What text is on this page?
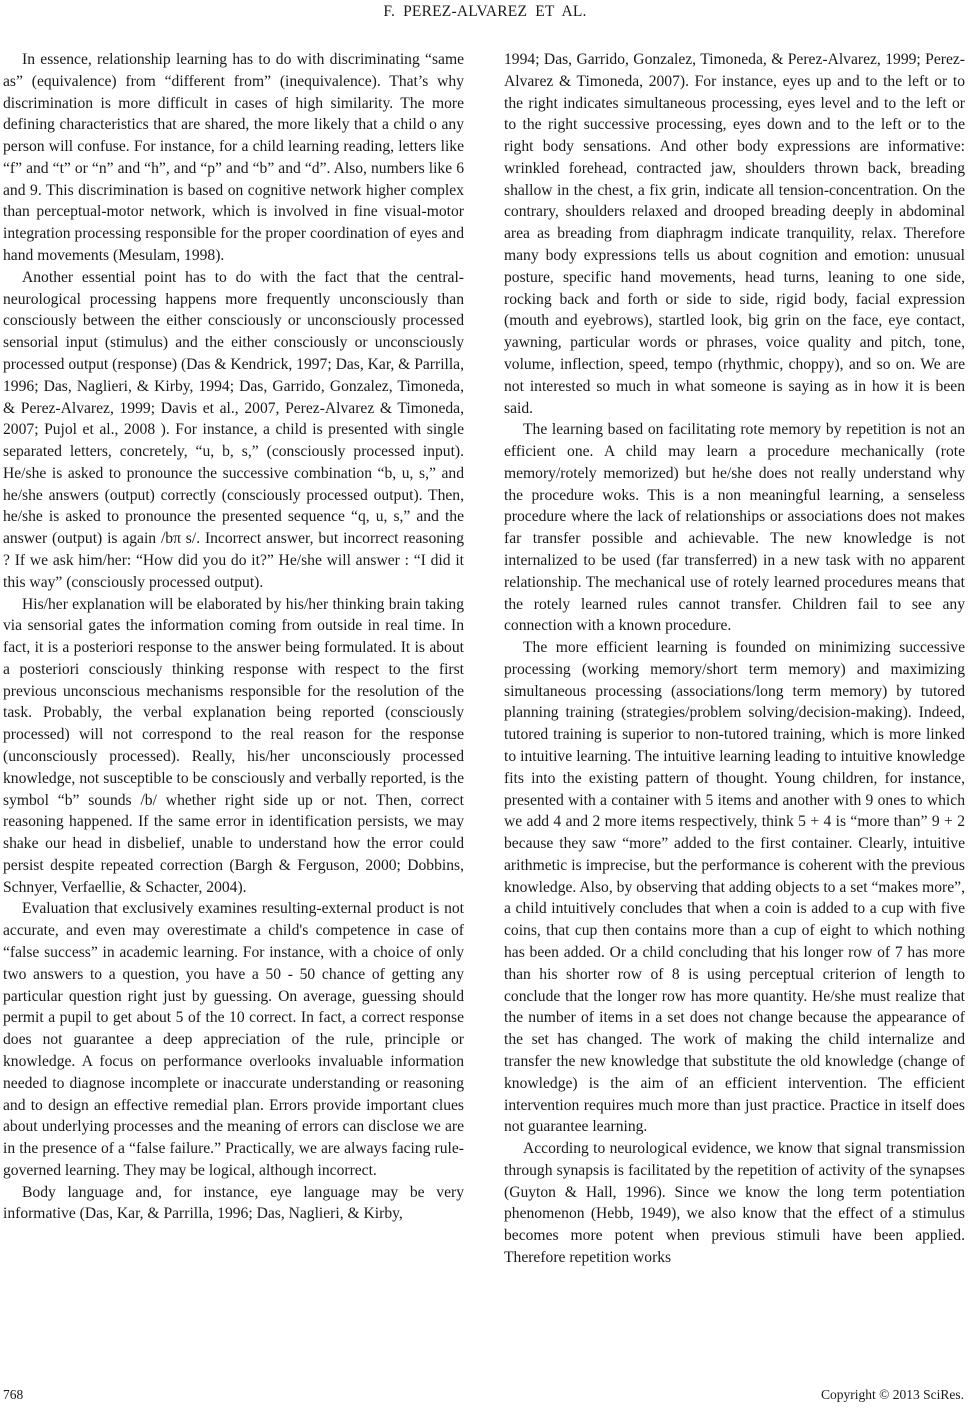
F. PEREZ-ALVAREZ ET AL.

In essence, relationship learning has to do with discriminating “same as” (equivalence) from “different from” (inequivalence). That’s why discrimination is more difficult in cases of high similarity. The more defining characteristics that are shared, the more likely that a child o any person will confuse. For instance, for a child learning reading, letters like “f” and “t” or “n” and “h”, and “p” and “b” and “d”. Also, numbers like 6 and 9. This discrimination is based on cognitive network higher complex than perceptual-motor network, which is involved in fine visual-motor integration processing responsible for the proper coordination of eyes and hand movements (Mesulam, 1998).

Another essential point has to do with the fact that the central-neurological processing happens more frequently unconsciously than consciously between the either consciously or unconsciously processed sensorial input (stimulus) and the either consciously or unconsciously processed output (response) (Das & Kendrick, 1997; Das, Kar, & Parrilla, 1996; Das, Naglieri, & Kirby, 1994; Das, Garrido, Gonzalez, Timoneda, & Perez-Alvarez, 1999; Davis et al., 2007, Perez-Alvarez & Timoneda, 2007; Pujol et al., 2008 ). For instance, a child is presented with single separated letters, concretely, “u, b, s,” (consciously processed input). He/she is asked to pronounce the successive combination “b, u, s,” and he/she answers (output) correctly (consciously processed output). Then, he/she is asked to pronounce the presented sequence “q, u, s,” and the answer (output) is again /bπ s/. Incorrect answer, but incorrect reasoning ? If we ask him/her: “How did you do it?” He/she will answer : “I did it this way” (consciously processed output).

His/her explanation will be elaborated by his/her thinking brain taking via sensorial gates the information coming from outside in real time. In fact, it is a posteriori response to the answer being formulated. It is about a posteriori consciously thinking response with respect to the first previous unconscious mechanisms responsible for the resolution of the task. Probably, the verbal explanation being reported (consciously processed) will not correspond to the real reason for the response (unconsciously processed). Really, his/her unconsciously processed knowledge, not susceptible to be consciously and verbally reported, is the symbol “b” sounds /b/ whether right side up or not. Then, correct reasoning happened. If the same error in identification persists, we may shake our head in disbelief, unable to understand how the error could persist despite repeated correction (Bargh & Ferguson, 2000; Dobbins, Schnyer, Verfaellie, & Schacter, 2004).

Evaluation that exclusively examines resulting-external product is not accurate, and even may overestimate a child's competence in case of “false success” in academic learning. For instance, with a choice of only two answers to a question, you have a 50 - 50 chance of getting any particular question right just by guessing. On average, guessing should permit a pupil to get about 5 of the 10 correct. In fact, a correct response does not guarantee a deep appreciation of the rule, principle or knowledge. A focus on performance overlooks invaluable information needed to diagnose incomplete or inaccurate understanding or reasoning and to design an effective remedial plan. Errors provide important clues about underlying processes and the meaning of errors can disclose we are in the presence of a “false failure.” Practically, we are always facing rule-governed learning. They may be logical, although incorrect.

Body language and, for instance, eye language may be very informative (Das, Kar, & Parrilla, 1996; Das, Naglieri, & Kirby,

1994; Das, Garrido, Gonzalez, Timoneda, & Perez-Alvarez, 1999; Perez-Alvarez & Timoneda, 2007). For instance, eyes up and to the left or to the right indicates simultaneous processing, eyes level and to the left or to the right successive processing, eyes down and to the left or to the right body sensations. And other body expressions are informative: wrinkled forehead, contracted jaw, shoulders thrown back, breading shallow in the chest, a fix grin, indicate all tension-concentration. On the contrary, shoulders relaxed and drooped breading deeply in abdominal area as breading from diaphragm indicate tranquility, relax. Therefore many body expressions tells us about cognition and emotion: unusual posture, specific hand movements, head turns, leaning to one side, rocking back and forth or side to side, rigid body, facial expression (mouth and eyebrows), startled look, big grin on the face, eye contact, yawning, particular words or phrases, voice quality and pitch, tone, volume, inflection, speed, tempo (rhythmic, choppy), and so on. We are not interested so much in what someone is saying as in how it is been said.

The learning based on facilitating rote memory by repetition is not an efficient one. A child may learn a procedure mechanically (rote memory/rotely memorized) but he/she does not really understand why the procedure woks. This is a non meaningful learning, a senseless procedure where the lack of relationships or associations does not makes far transfer possible and achievable. The new knowledge is not internalized to be used (far transferred) in a new task with no apparent relationship. The mechanical use of rotely learned procedures means that the rotely learned rules cannot transfer. Children fail to see any connection with a known procedure.

The more efficient learning is founded on minimizing successive processing (working memory/short term memory) and maximizing simultaneous processing (associations/long term memory) by tutored planning training (strategies/problem solving/decision-making). Indeed, tutored training is superior to non-tutored training, which is more linked to intuitive learning. The intuitive learning leading to intuitive knowledge fits into the existing pattern of thought. Young children, for instance, presented with a container with 5 items and another with 9 ones to which we add 4 and 2 more items respectively, think 5 + 4 is “more than” 9 + 2 because they saw “more” added to the first container. Clearly, intuitive arithmetic is imprecise, but the performance is coherent with the previous knowledge. Also, by observing that adding objects to a set “makes more”, a child intuitively concludes that when a coin is added to a cup with five coins, that cup then contains more than a cup of eight to which nothing has been added. Or a child concluding that his longer row of 7 has more than his shorter row of 8 is using perceptual criterion of length to conclude that the longer row has more quantity. He/she must realize that the number of items in a set does not change because the appearance of the set has changed. The work of making the child internalize and transfer the new knowledge that substitute the old knowledge (change of knowledge) is the aim of an efficient intervention. The efficient intervention requires much more than just practice. Practice in itself does not guarantee learning.

According to neurological evidence, we know that signal transmission through synapsis is facilitated by the repetition of activity of the synapses (Guyton & Hall, 1996). Since we know the long term potentiation phenomenon (Hebb, 1949), we also know that the effect of a stimulus becomes more potent when previous stimuli have been applied. Therefore repetition works

768	Copyright © 2013 SciRes.
